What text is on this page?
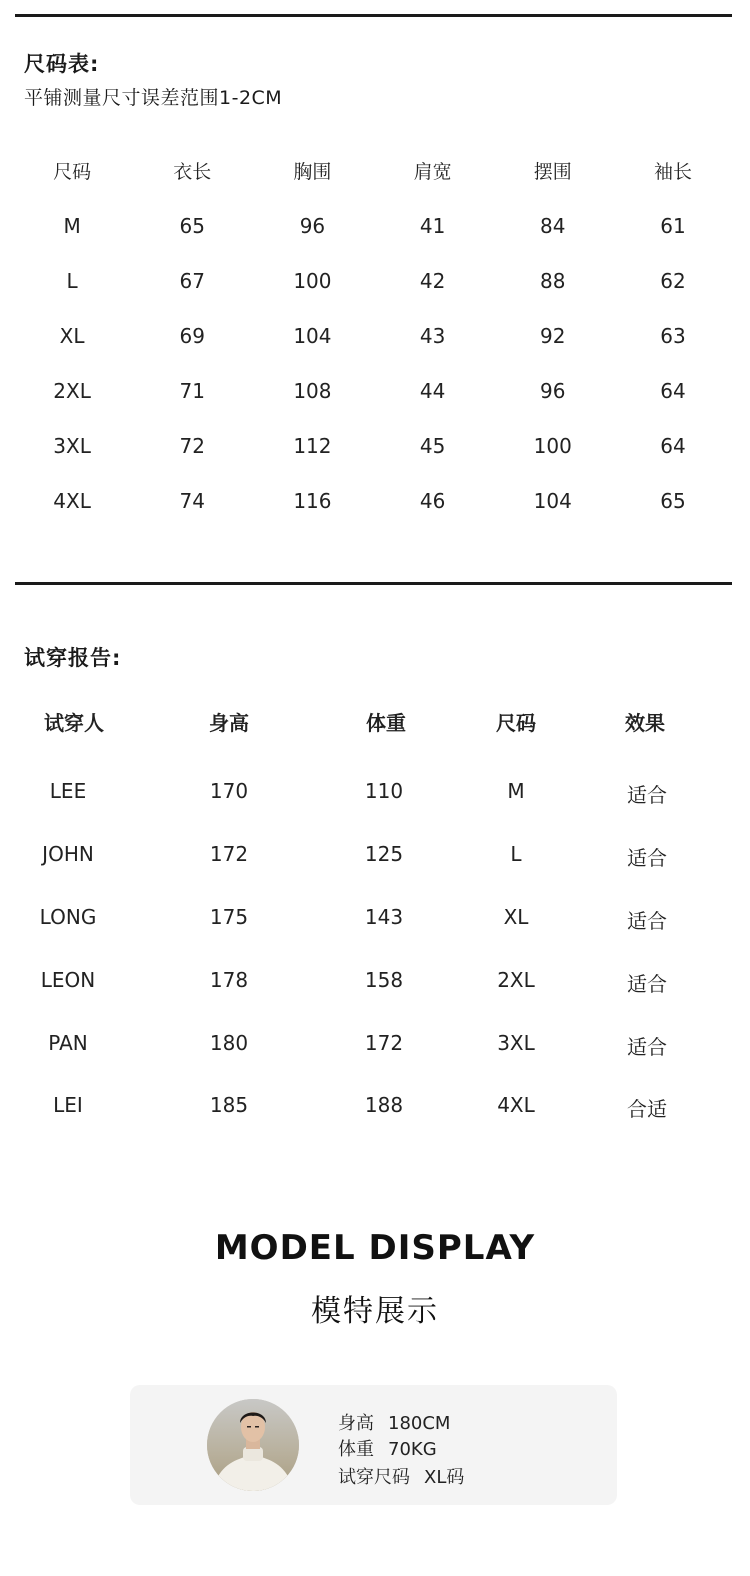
尺码表:
平铺测量尺寸误差范围1-2CM
尺码	衣长	胸围	肩宽	摆围	袖长
M	65	96	41	84	61
L	67	100	42	88	62
XL	69	104	43	92	63
2XL	71	108	44	96	64
3XL	72	112	45	100	64
4XL	74	116	46	104	65
试穿报告:
试穿人	身高	体重	尺码	效果
LEE	170	110	M	适合
JOHN	172	125	L	适合
LONG	175	143	XL	适合
LEON	178	158	2XL	适合
PAN	180	172	3XL	适合
LEI	185	188	4XL	合适
MODEL DISPLAY
模特展示
身高 180CM
体重 70KG
试穿尺码 XL码
